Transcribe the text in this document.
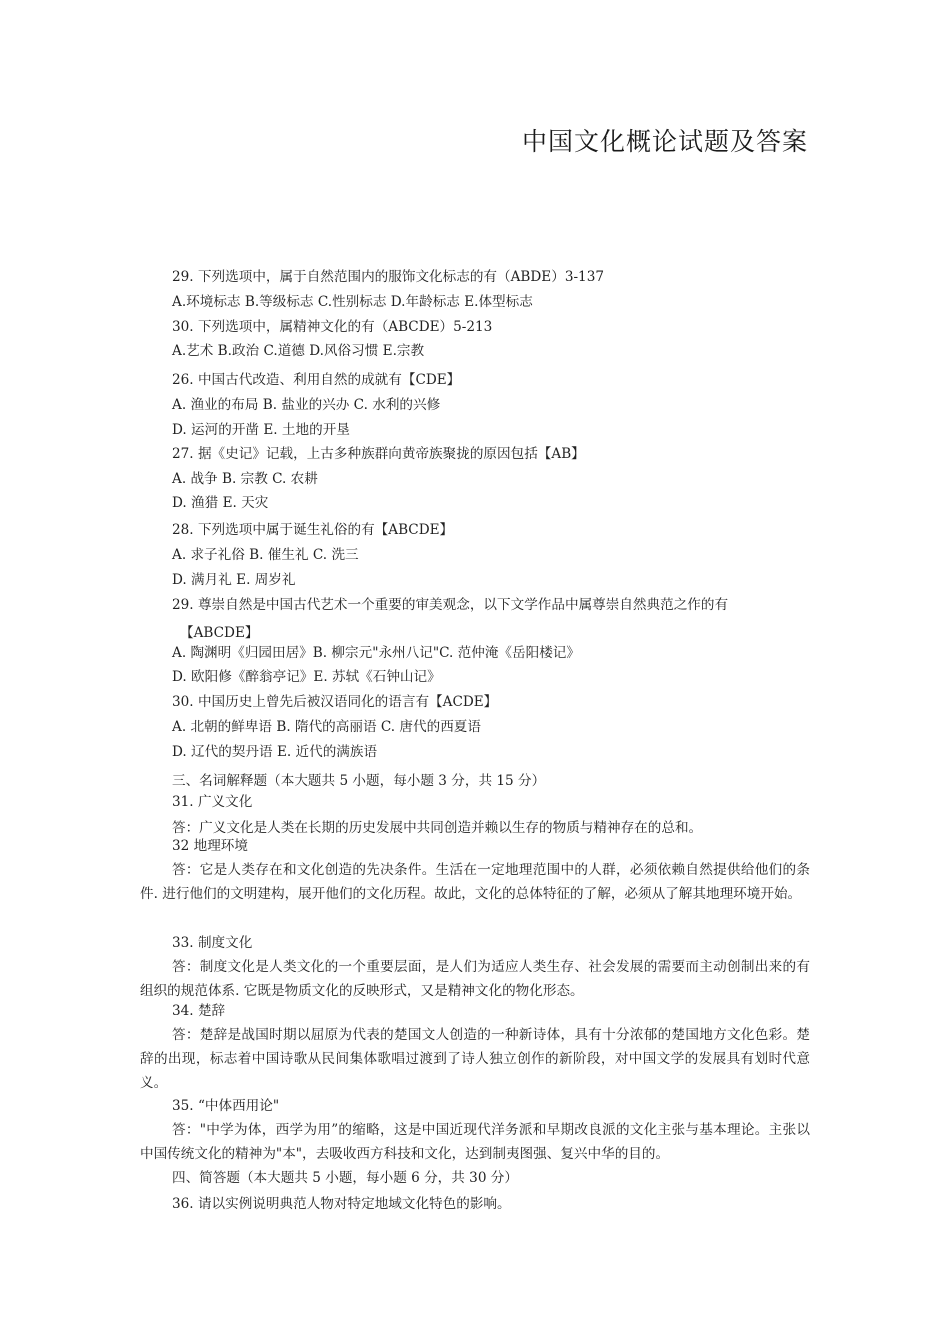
中国文化概论试题及答案
29. 下列选项中，属于自然范围内的服饰文化标志的有（ABDE）3-137
A.环境标志 B.等级标志 C.性别标志 D.年龄标志 E.体型标志
30. 下列选项中，属精神文化的有（ABCDE）5-213
A.艺术 B.政治 C.道德 D.风俗习惯 E.宗教
26. 中国古代改造、利用自然的成就有【CDE】
A. 渔业的布局 B. 盐业的兴办 C. 水利的兴修
D. 运河的开凿 E. 土地的开垦
27. 据《史记》记载，上古多种族群向黄帝族聚拢的原因包括【AB】
A. 战争 B. 宗教 C. 农耕
D. 渔猎 E. 天灾
28. 下列选项中属于诞生礼俗的有【ABCDE】
A. 求子礼俗 B. 催生礼 C. 洗三
D. 满月礼 E. 周岁礼
29. 尊崇自然是中国古代艺术一个重要的审美观念，以下文学作品中属尊崇自然典范之作的有
【ABCDE】
A. 陶渊明《归园田居》B. 柳宗元"永州八记"C. 范仲淹《岳阳楼记》
D. 欧阳修《醉翁亭记》E. 苏轼《石钟山记》
30. 中国历史上曾先后被汉语同化的语言有【ACDE】
A. 北朝的鲜卑语 B. 隋代的高丽语 C. 唐代的西夏语
D. 辽代的契丹语 E. 近代的满族语
三、名词解释题（本大题共 5 小题，每小题 3 分，共 15 分）
31. 广义文化
答：广义文化是人类在长期的历史发展中共同创造并赖以生存的物质与精神存在的总和。
32 地理环境
答：它是人类存在和文化创造的先决条件。生活在一定地理范围中的人群，必须依赖自然提供给他们的条件. 进行他们的文明建构，展开他们的文化历程。故此，文化的总体特征的了解，必须从了解其地理环境开始。
33. 制度文化
答：制度文化是人类文化的一个重要层面，是人们为适应人类生存、社会发展的需要而主动创制出来的有组织的规范体系. 它既是物质文化的反映形式，又是精神文化的物化形态。
34. 楚辞
答：楚辞是战国时期以屈原为代表的楚国文人创造的一种新诗体，具有十分浓郁的楚国地方文化色彩。楚辞的出现，标志着中国诗歌从民间集体歌唱过渡到了诗人独立创作的新阶段，对中国文学的发展具有划时代意义。
35. “中体西用论"
答："中学为体，西学为用”的缩略，这是中国近现代洋务派和早期改良派的文化主张与基本理论。主张以中国传统文化的精神为"本"，去吸收西方科技和文化，达到制夷图强、复兴中华的目的。
四、简答题（本大题共 5 小题，每小题 6 分，共 30 分）
36. 请以实例说明典范人物对特定地域文化特色的影响。
